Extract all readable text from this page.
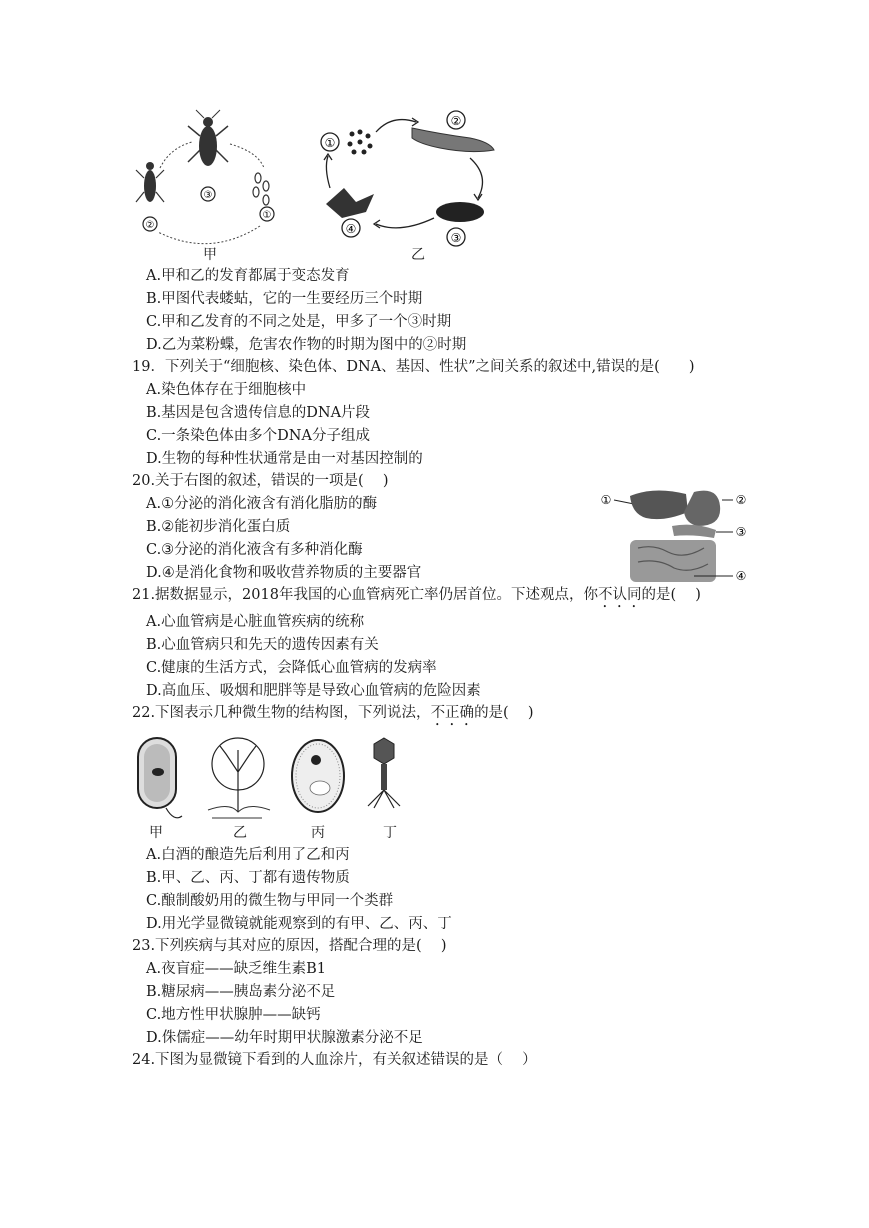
③
②
①
①
②
③
④
甲	乙
A.甲和乙的发育都属于变态发育
B.甲图代表蝼蛄，它的一生要经历三个时期
C.甲和乙发育的不同之处是，甲多了一个③时期
D.乙为菜粉蝶，危害农作物的时期为图中的②时期
19．下列关于“细胞核、染色体、DNA、基因、性状”之间关系的叙述中,错误的是(　　)
A.染色体存在于细胞核中
B.基因是包含遗传信息的DNA片段
C.一条染色体由多个DNA分子组成
D.生物的每种性状通常是由一对基因控制的
20.关于右图的叙述，错误的一项是(　 )
A.①分泌的消化液含有消化脂肪的酶
B.②能初步消化蛋白质
C.③分泌的消化液含有多种消化酶
D.④是消化食物和吸收营养物质的主要器官
①	②
③
④
21.据数据显示，2018年我国的心血管病死亡率仍居首位。下述观点，你不认同的是(　 )
A.心血管病是心脏血管疾病的统称
B.心血管病只和先天的遗传因素有关
C.健康的生活方式，会降低心血管病的发病率
D.高血压、吸烟和肥胖等是导致心血管病的危险因素
22.下图表示几种微生物的结构图，下列说法，不正确的是(　 )
甲	乙	丙	丁
A.白酒的酿造先后利用了乙和丙
B.甲、乙、丙、丁都有遗传物质
C.酿制酸奶用的微生物与甲同一个类群
D.用光学显微镜就能观察到的有甲、乙、丙、丁
23.下列疾病与其对应的原因，搭配合理的是(　 )
A.夜盲症——缺乏维生素B1
B.糖尿病——胰岛素分泌不足
C.地方性甲状腺肿——缺钙
D.侏儒症——幼年时期甲状腺激素分泌不足
24.下图为显微镜下看到的人血涂片，有关叙述错误的是（　 ）
